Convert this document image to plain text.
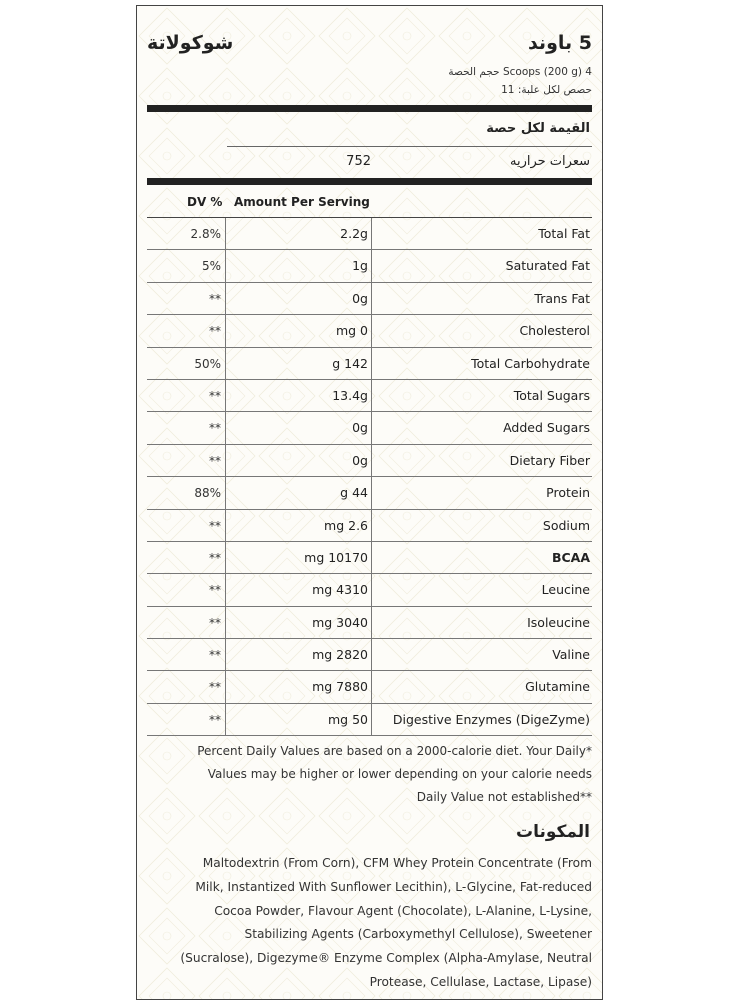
5 باوند
شوكولاتة
حجم الحصة Scoops (200 g) 4
حصص لكل علبة: 11
القيمة لكل حصة
752	سعرات حراريه
DV % Amount Per Serving
2.8%	2.2g	Total Fat
5%	1g	Saturated Fat
**	0g	Trans Fat
**	mg 0	Cholesterol
50%	g 142	Total Carbohydrate
**	13.4g	Total Sugars
**	0g	Added Sugars
**	0g	Dietary Fiber
88%	g 44	Protein
**	mg 2.6	Sodium
**	mg 10170	BCAA
**	mg 4310	Leucine
**	mg 3040	Isoleucine
**	mg 2820	Valine
**	mg 7880	Glutamine
**	mg 50	Digestive Enzymes (DigeZyme)
Percent Daily Values are based on a 2000-calorie diet. Your Daily*
Values may be higher or lower depending on your calorie needs
Daily Value not established**
المكونات
Maltodextrin (From Corn), CFM Whey Protein Concentrate (From
Milk, Instantized With Sunflower Lecithin), L-Glycine, Fat-reduced
Cocoa Powder, Flavour Agent (Chocolate), L-Alanine, L-Lysine,
Stabilizing Agents (Carboxymethyl Cellulose), Sweetener
(Sucralose), Digezyme® Enzyme Complex (Alpha-Amylase, Neutral
Protease, Cellulase, Lactase, Lipase)
